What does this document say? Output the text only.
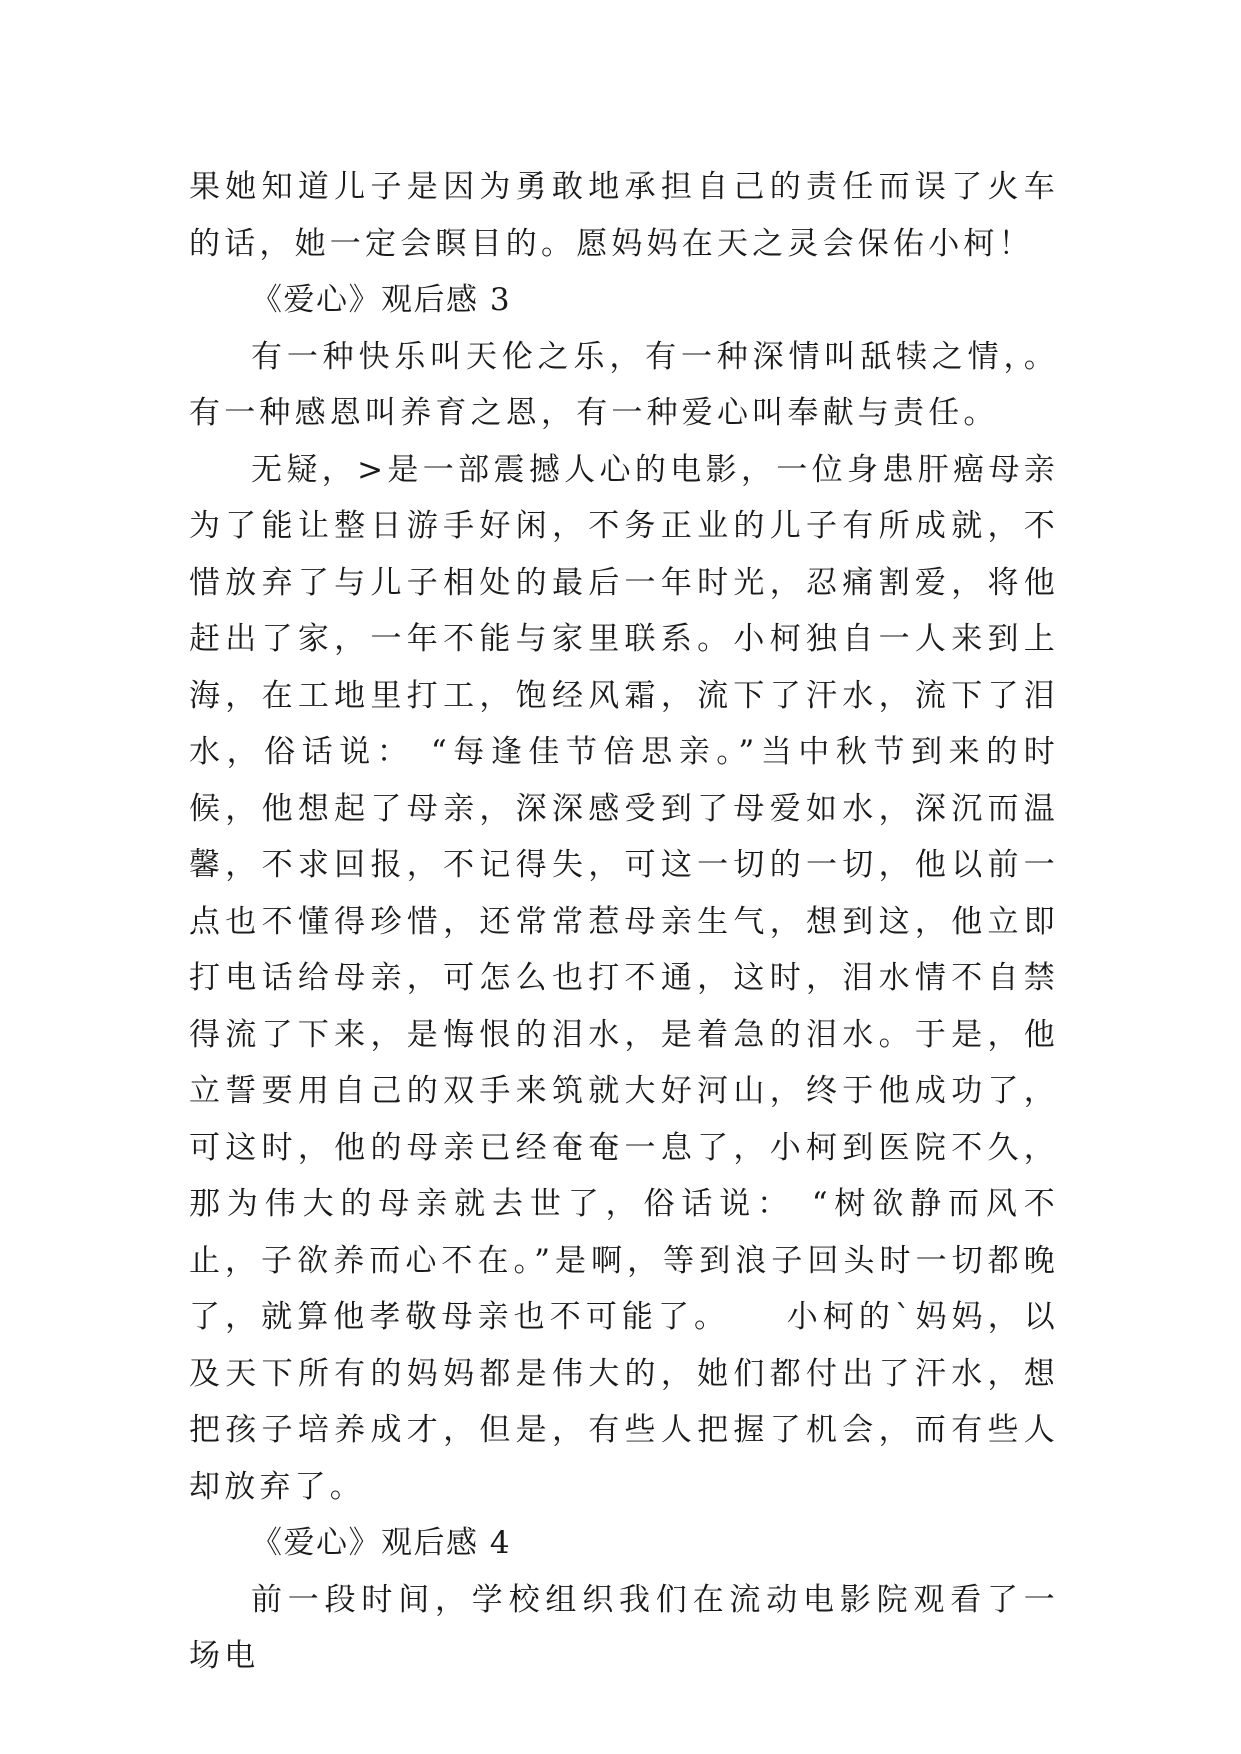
果她知道儿子是因为勇敢地承担自己的责任而误了火车的话，她一定会瞑目的。愿妈妈在天之灵会保佑小柯！

《爱心》观后感 3

有一种快乐叫天伦之乐，有一种深情叫舐犊之情，。有一种感恩叫养育之恩，有一种爱心叫奉献与责任。

无疑，>是一部震撼人心的电影，一位身患肝癌母亲为了能让整日游手好闲，不务正业的儿子有所成就，不惜放弃了与儿子相处的最后一年时光，忍痛割爱，将他赶出了家，一年不能与家里联系。小柯独自一人来到上海，在工地里打工，饱经风霜，流下了汗水，流下了泪水，俗话说： “每逢佳节倍思亲。”当中秋节到来的时候，他想起了母亲，深深感受到了母爱如水，深沉而温馨，不求回报，不记得失，可这一切的一切，他以前一点也不懂得珍惜，还常常惹母亲生气，想到这，他立即打电话给母亲，可怎么也打不通，这时，泪水情不自禁得流了下来，是悔恨的泪水，是着急的泪水。于是，他立誓要用自己的双手来筑就大好河山，终于他成功了，可这时，他的母亲已经奄奄一息了，小柯到医院不久，那为伟大的母亲就去世了，俗话说： “树欲静而风不止，子欲养而心不在。”是啊，等到浪子回头时一切都晚了，就算他孝敬母亲也不可能了。　　小柯的`妈妈，以及天下所有的妈妈都是伟大的，她们都付出了汗水，想把孩子培养成才，但是，有些人把握了机会，而有些人却放弃了。

《爱心》观后感 4

前一段时间，学校组织我们在流动电影院观看了一场电
